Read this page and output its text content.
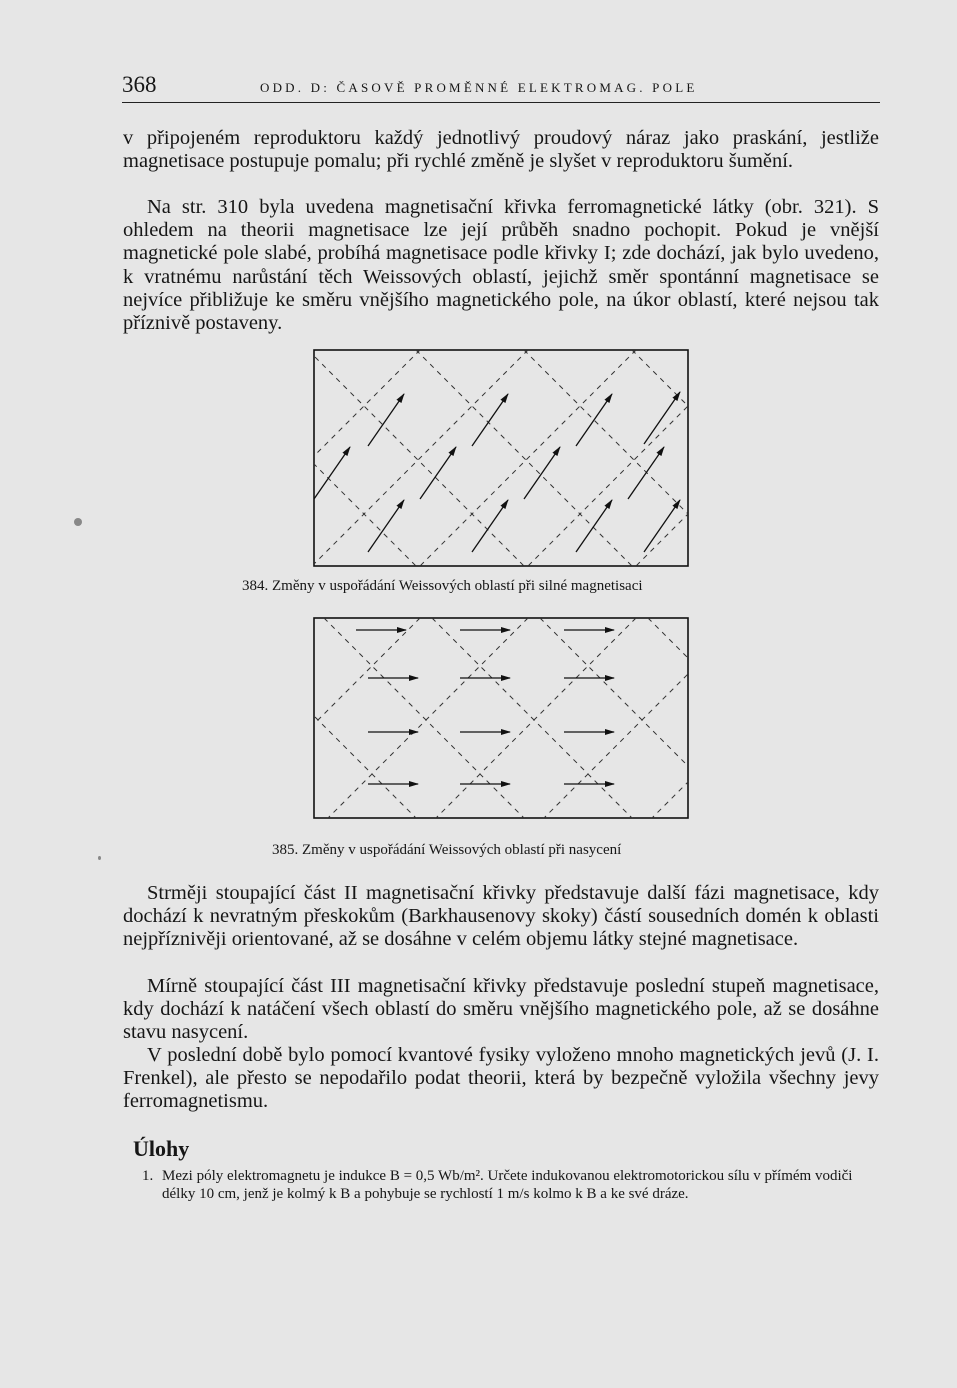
368	ODD. D: ČASOVĚ PROMĚNNÉ ELEKTROMAG. POLE

v připojeném reproduktoru každý jednotlivý proudový náraz jako praskání, jestliže magnetisace postupuje pomalu; při rychlé změně je slyšet v reproduktoru šumění.

Na str. 310 byla uvedena magnetisační křivka ferromagnetické látky (obr. 321). S ohledem na theorii magnetisace lze její průběh snadno pochopit. Pokud je vnější magnetické pole slabé, probíhá magnetisace podle křivky I; zde dochází, jak bylo uvedeno, k vratnému narůstání těch Weissových oblastí, jejichž směr spontánní magnetisace se nejvíce přibližuje ke směru vnějšího magnetického pole, na úkor oblastí, které nejsou tak příznivě postaveny.

384. Změny v uspořádání Weissových oblastí při silné magnetisaci

385. Změny v uspořádání Weissových oblastí při nasycení

Strměji stoupající část II magnetisační křivky představuje další fázi magnetisace, kdy dochází k nevratným přeskokům (Barkhausenovy skoky) částí sousedních domén k oblasti nejpříznivěji orientované, až se dosáhne v celém objemu látky stejné magnetisace.

Mírně stoupající část III magnetisační křivky představuje poslední stupeň magnetisace, kdy dochází k natáčení všech oblastí do směru vnějšího magnetického pole, až se dosáhne stavu nasycení.

V poslední době bylo pomocí kvantové fysiky vyloženo mnoho magnetických jevů (J. I. Frenkel), ale přesto se nepodařilo podat theorii, která by bezpečně vyložila všechny jevy ferromagnetismu.

Úlohy
1. Mezi póly elektromagnetu je indukce B = 0,5 Wb/m². Určete indukovanou elektromotorickou sílu v přímém vodiči délky 10 cm, jenž je kolmý k B a pohybuje se rychlostí 1 m/s kolmo k B a ke své dráze.
